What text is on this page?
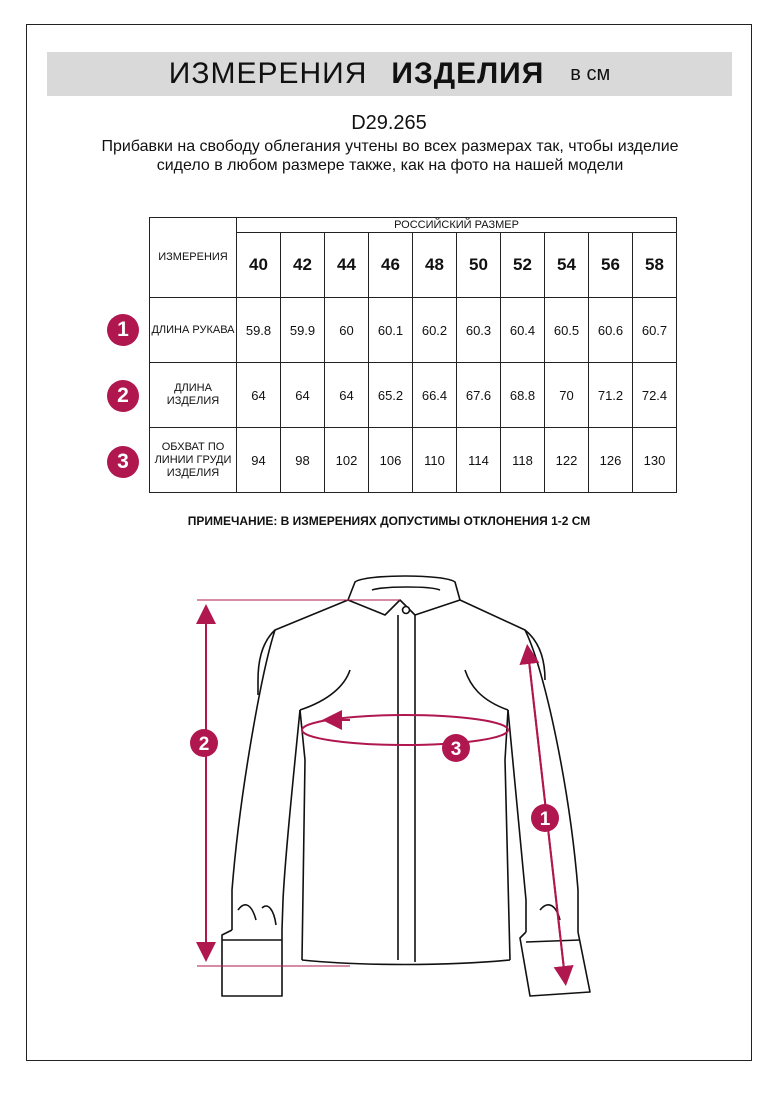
ИЗМЕРЕНИЯ ИЗДЕЛИЯ в см
D29.265
Прибавки на свободу облегания учтены во всех размерах так, чтобы изделие сидело в любом размере также, как на фото на нашей модели
ИЗМЕРЕНИЯ	РОССИЙСКИЙ РАЗМЕР									
	40	42	44	46	48	50	52	54	56	58
ДЛИНА РУКАВА	59.8	59.9	60	60.1	60.2	60.3	60.4	60.5	60.6	60.7
ДЛИНА ИЗДЕЛИЯ	64	64	64	65.2	66.4	67.6	68.8	70	71.2	72.4
ОБХВАТ ПО ЛИНИИ ГРУДИ ИЗДЕЛИЯ	94	98	102	106	110	114	118	122	126	130
1
2
3
ПРИМЕЧАНИЕ: В ИЗМЕРЕНИЯХ ДОПУСТИМЫ ОТКЛОНЕНИЯ 1-2 СМ
2	3
1
